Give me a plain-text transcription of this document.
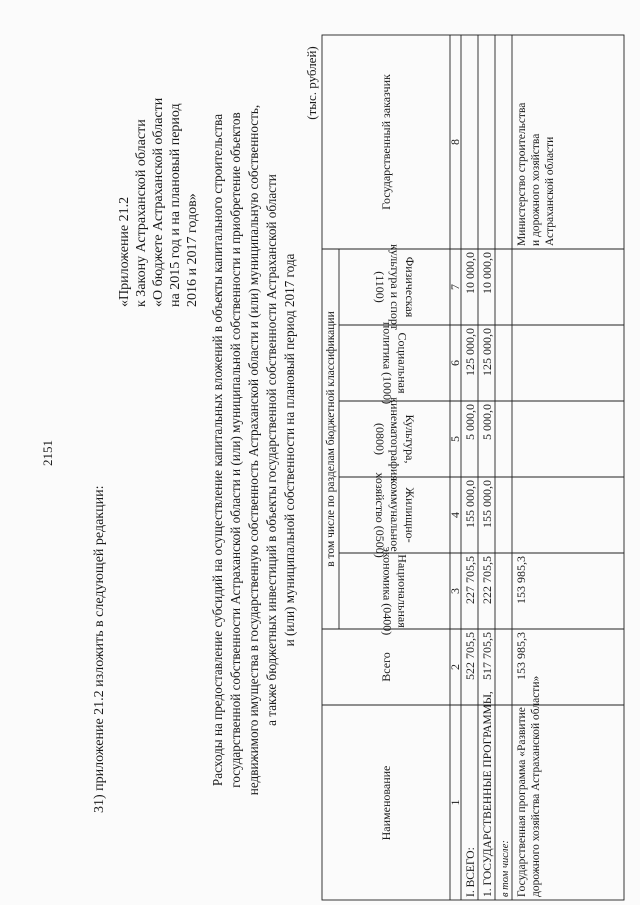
2151
31) приложение 21.2 изложить в следующей редакции:
«Приложение 21.2 к Закону Астраханской области «О бюджете Астраханской области на 2015 год и на плановый период 2016 и 2017 годов» Расходы на предоставление субсидий на осуществление капитальных вложений в объекты капитального строительства государственной собственности Астраханской области и (или) муниципальной собственности и приобретение объектов недвижимого имущества в государственную собственность Астраханской области и (или) муниципальную собственность, а также бюджетных инвестиций в объекты государственной собственности Астраханской области и (или) муниципальной собственности на плановый период 2017 года
(тыс. рублей)
Наименование
Всего
в том числе по разделам бюджетной классификации
Государственный заказчик
1
2
3
4
5
6
7
8
I. ВСЕГО:
522 705,5
227 705,5
155 000,0
5 000,0
125 000,0
10 000,0
1. ГОСУДАРСТВЕННЫЕ ПРОГРАММЫ,
517 705,5
222 705,5
155 000,0
5 000,0
125 000,0
10 000,0
в том числе: Государственная программа «Развитие дорожного хозяйства Астраханской области»
153 985,3
153 985,3
Министерство строительства и дорожного хозяйства Астраханской области
Национальная
экономика (0400)
Жилищно-
коммунальное
хозяйство (0500)
Культура,
кинематография
(0800)
Социальная
политика (1000)
Физическая
культура и спорт
(1100)
